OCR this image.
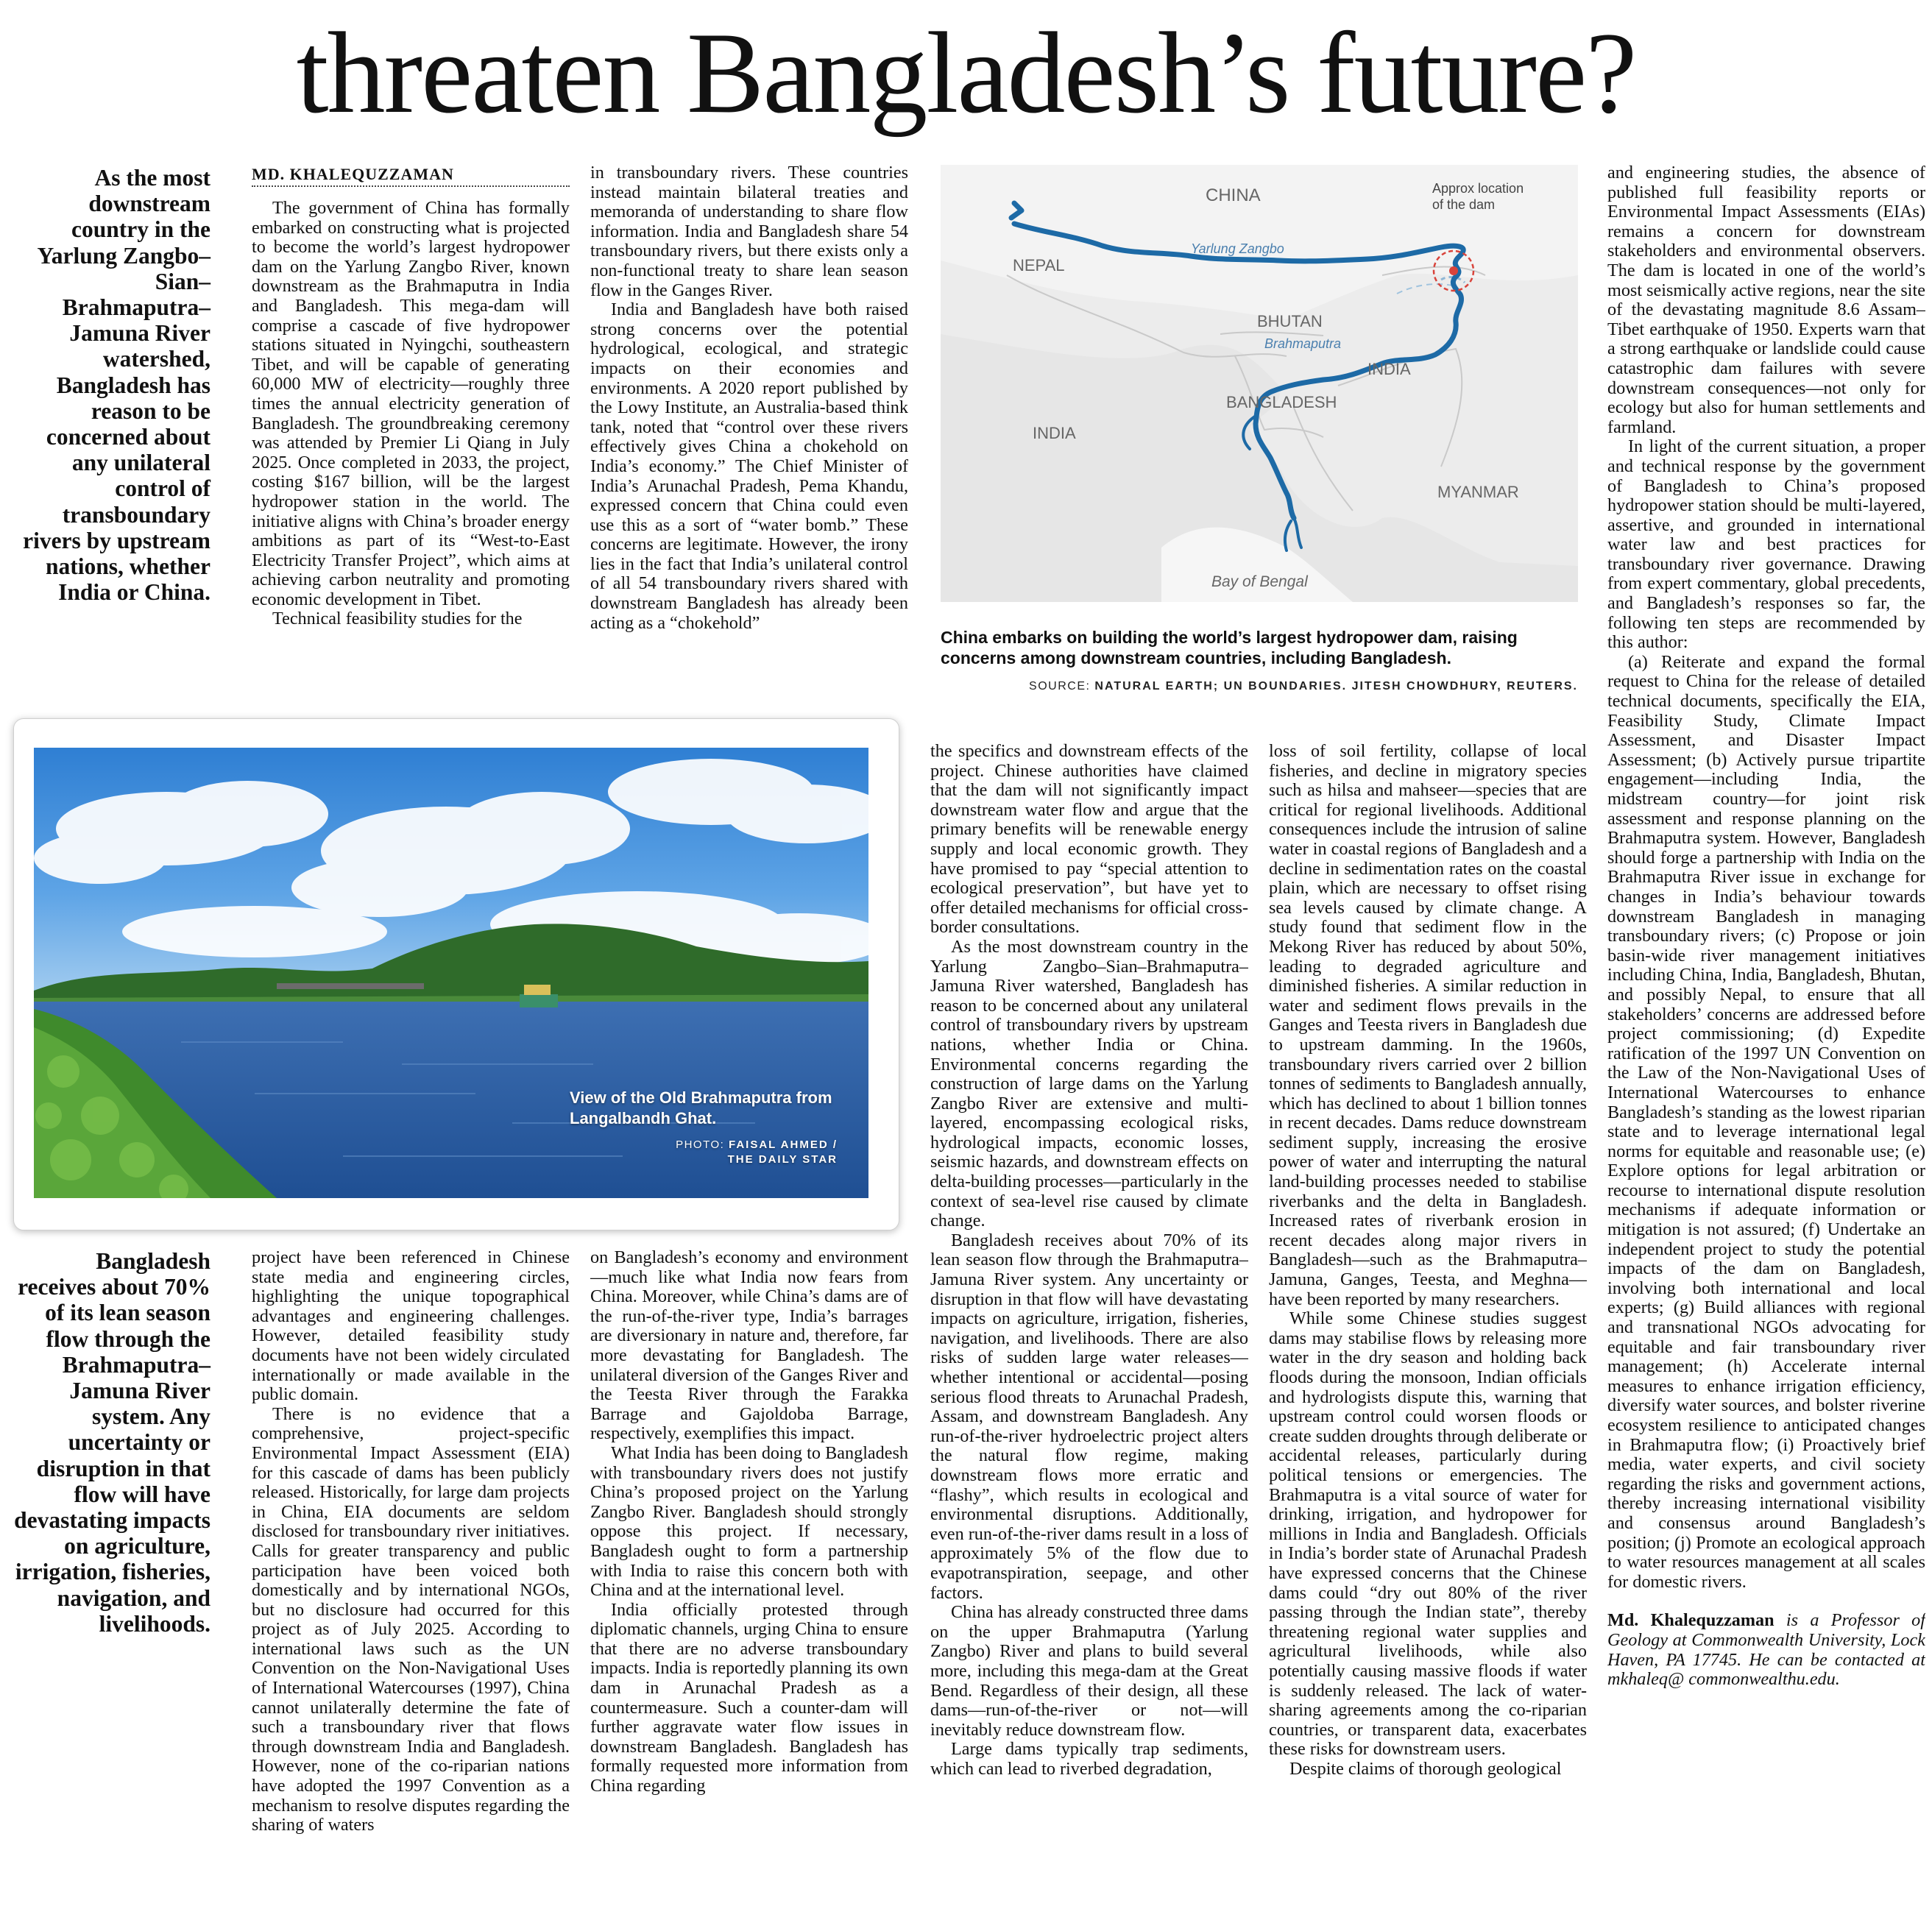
threaten Bangladesh’s future?
As the most downstream country in the Yarlung Zangbo–Sian–Brahmaputra–Jamuna River watershed, Bangladesh has reason to be concerned about any unilateral control of transboundary rivers by upstream nations, whether India or China.
Bangladesh receives about 70% of its lean season flow through the Brahmaputra–Jamuna River system. Any uncertainty or disruption in that flow will have devastating impacts on agriculture, irrigation, fisheries, navigation, and livelihoods.
MD. KHALEQUZZAMAN

The government of China has formally embarked on constructing what is projected to become the world’s largest hydropower dam on the Yarlung Zangbo River, known downstream as the Brahmaputra in India and Bangladesh. This mega-dam will comprise a cascade of five hydropower stations situated in Nyingchi, southeastern Tibet, and will be capable of generating 60,000 MW of electricity—roughly three times the annual electricity generation of Bangladesh. The groundbreaking ceremony was attended by Premier Li Qiang in July 2025. Once completed in 2033, the project, costing $167 billion, will be the largest hydropower station in the world. The initiative aligns with China’s broader energy ambitions as part of its “West-to-East Electricity Transfer Project”, which aims at achieving carbon neutrality and promoting economic development in Tibet.

Technical feasibility studies for the

in transboundary rivers. These countries instead maintain bilateral treaties and memoranda of understanding to share flow information. India and Bangladesh share 54 transboundary rivers, but there exists only a non-functional treaty to share lean season flow in the Ganges River.

India and Bangladesh have both raised strong concerns over the potential hydrological, ecological, and strategic impacts on their economies and environments. A 2020 report published by the Lowy Institute, an Australia-based think tank, noted that “control over these rivers effectively gives China a chokehold on India’s economy.” The Chief Minister of India’s Arunachal Pradesh, Pema Khandu, expressed concern that China could even use this as a sort of “water bomb.” These concerns are legitimate. However, the irony lies in the fact that India’s unilateral control of all 54 transboundary rivers shared with downstream Bangladesh has already been acting as a “chokehold”

CHINA
NEPAL
BHUTAN
INDIA
INDIA
BANGLADESH
MYANMAR
Bay of Bengal
Yarlung Zangbo
Brahmaputra
Approx location
of the dam
China embarks on building the world’s largest hydropower dam, raising concerns among downstream countries, including Bangladesh.
SOURCE: NATURAL EARTH; UN BOUNDARIES. JITESH CHOWDHURY, REUTERS.
View of the Old Brahmaputra from Langalbandh Ghat.
PHOTO: FAISAL AHMED /
THE DAILY STAR

the specifics and downstream effects of the project. Chinese authorities have claimed that the dam will not significantly impact downstream water flow and argue that the primary benefits will be renewable energy supply and local economic growth. They have promised to pay “special attention to ecological preservation”, but have yet to offer detailed mechanisms for official cross-border consultations.

As the most downstream country in the Yarlung Zangbo–Sian–Brahmaputra–Jamuna River watershed, Bangladesh has reason to be concerned about any unilateral control of transboundary rivers by upstream nations, whether India or China. Environmental concerns regarding the construction of large dams on the Yarlung Zangbo River are extensive and multi-layered, encompassing ecological risks, hydrological impacts, economic losses, seismic hazards, and downstream effects on delta-building processes—particularly in the context of sea-level rise caused by climate change.

Bangladesh receives about 70% of its lean season flow through the Brahmaputra–Jamuna River system. Any uncertainty or disruption in that flow will have devastating impacts on agriculture, irrigation, fisheries, navigation, and livelihoods. There are also risks of sudden large water releases—whether intentional or accidental—posing serious flood threats to Arunachal Pradesh, Assam, and downstream Bangladesh. Any run-of-the-river hydroelectric project alters the natural flow regime, making downstream flows more erratic and “flashy”, which results in ecological and environmental disruptions. Additionally, even run-of-the-river dams result in a loss of approximately 5% of the flow due to evapotranspiration, seepage, and other factors.

China has already constructed three dams on the upper Brahmaputra (Yarlung Zangbo) River and plans to build several more, including this mega-dam at the Great Bend. Regardless of their design, all these dams—run-of-the-river or not—will inevitably reduce downstream flow.

Large dams typically trap sediments, which can lead to riverbed degradation,

loss of soil fertility, collapse of local fisheries, and decline in migratory species such as hilsa and mahseer—species that are critical for regional livelihoods. Additional consequences include the intrusion of saline water in coastal regions of Bangladesh and a decline in sedimentation rates on the coastal plain, which are necessary to offset rising sea levels caused by climate change. A study found that sediment flow in the Mekong River has reduced by about 50%, leading to degraded agriculture and diminished fisheries. A similar reduction in water and sediment flows prevails in the Ganges and Teesta rivers in Bangladesh due to upstream damming. In the 1960s, transboundary rivers carried over 2 billion tonnes of sediments to Bangladesh annually, which has declined to about 1 billion tonnes in recent decades. Dams reduce downstream sediment supply, increasing the erosive power of water and interrupting the natural land-building processes needed to stabilise riverbanks and the delta in Bangladesh. Increased rates of riverbank erosion in recent decades along major rivers in Bangladesh—such as the Brahmaputra–Jamuna, Ganges, Teesta, and Meghna—have been reported by many researchers.

While some Chinese studies suggest dams may stabilise flows by releasing more water in the dry season and holding back floods during the monsoon, Indian officials and hydrologists dispute this, warning that upstream control could worsen floods or create sudden droughts through deliberate or accidental releases, particularly during political tensions or emergencies. The Brahmaputra is a vital source of water for drinking, irrigation, and hydropower for millions in India and Bangladesh. Officials in India’s border state of Arunachal Pradesh have expressed concerns that the Chinese dams could “dry out 80% of the river passing through the Indian state”, thereby threatening regional water supplies and agricultural livelihoods, while also potentially causing massive floods if water is suddenly released. The lack of water-sharing agreements among the co-riparian countries, or transparent data, exacerbates these risks for downstream users.

Despite claims of thorough geological

and engineering studies, the absence of published full feasibility reports or Environmental Impact Assessments (EIAs) remains a concern for downstream stakeholders and environmental observers. The dam is located in one of the world’s most seismically active regions, near the site of the devastating magnitude 8.6 Assam–Tibet earthquake of 1950. Experts warn that a strong earthquake or landslide could cause catastrophic dam failures with severe downstream consequences—not only for ecology but also for human settlements and farmland.

In light of the current situation, a proper and technical response by the government of Bangladesh to China’s proposed hydropower station should be multi-layered, assertive, and grounded in international water law and best practices for transboundary river governance. Drawing from expert commentary, global precedents, and Bangladesh’s responses so far, the following ten steps are recommended by this author:

(a) Reiterate and expand the formal request to China for the release of detailed technical documents, specifically the EIA, Feasibility Study, Climate Impact Assessment, and Disaster Impact Assessment; (b) Actively pursue tripartite engagement—including India, the midstream country—for joint risk assessment and response planning on the Brahmaputra system. However, Bangladesh should forge a partnership with India on the Brahmaputra River issue in exchange for changes in India’s behaviour towards downstream Bangladesh in managing transboundary rivers; (c) Propose or join basin-wide river management initiatives including China, India, Bangladesh, Bhutan, and possibly Nepal, to ensure that all stakeholders’ concerns are addressed before project commissioning; (d) Expedite ratification of the 1997 UN Convention on the Law of the Non-Navigational Uses of International Watercourses to enhance Bangladesh’s standing as the lowest riparian state and to leverage international legal norms for equitable and reasonable use; (e) Explore options for legal arbitration or recourse to international dispute resolution mechanisms if adequate information or mitigation is not assured; (f) Undertake an independent project to study the potential impacts of the dam on Bangladesh, involving both international and local experts; (g) Build alliances with regional and transnational NGOs advocating for equitable and fair transboundary river management; (h) Accelerate internal measures to enhance irrigation efficiency, diversify water sources, and bolster riverine ecosystem resilience to anticipated changes in Brahmaputra flow; (i) Proactively brief media, water experts, and civil society regarding the risks and government actions, thereby increasing international visibility and consensus around Bangladesh’s position; (j) Promote an ecological approach to water resources management at all scales for domestic rivers.

Md. Khalequzzaman is a Professor of Geology at Commonwealth University, Lock Haven, PA 17745. He can be contacted at mkhaleq@ commonwealthu.edu.

project have been referenced in Chinese state media and engineering circles, highlighting the unique topographical advantages and engineering challenges. However, detailed feasibility study documents have not been widely circulated internationally or made available in the public domain.

There is no evidence that a comprehensive, project-specific Environmental Impact Assessment (EIA) for this cascade of dams has been publicly released. Historically, for large dam projects in China, EIA documents are seldom disclosed for transboundary river initiatives. Calls for greater transparency and public participation have been voiced both domestically and by international NGOs, but no disclosure had occurred for this project as of July 2025. According to international laws such as the UN Convention on the Non-Navigational Uses of International Watercourses (1997), China cannot unilaterally determine the fate of such a transboundary river that flows through downstream India and Bangladesh. However, none of the co-riparian nations have adopted the 1997 Convention as a mechanism to resolve disputes regarding the sharing of waters

on Bangladesh’s economy and environment—much like what India now fears from China. Moreover, while China’s dams are of the run-of-the-river type, India’s barrages are diversionary in nature and, therefore, far more devastating for Bangladesh. The unilateral diversion of the Ganges River and the Teesta River through the Farakka Barrage and Gajoldoba Barrage, respectively, exemplifies this impact.

What India has been doing to Bangladesh with transboundary rivers does not justify China’s proposed project on the Yarlung Zangbo River. Bangladesh should strongly oppose this project. If necessary, Bangladesh ought to form a partnership with India to raise this concern both with China and at the international level.

India officially protested through diplomatic channels, urging China to ensure that there are no adverse transboundary impacts. India is reportedly planning its own dam in Arunachal Pradesh as a countermeasure. Such a counter-dam will further aggravate water flow issues in downstream Bangladesh. Bangladesh has formally requested more information from China regarding
